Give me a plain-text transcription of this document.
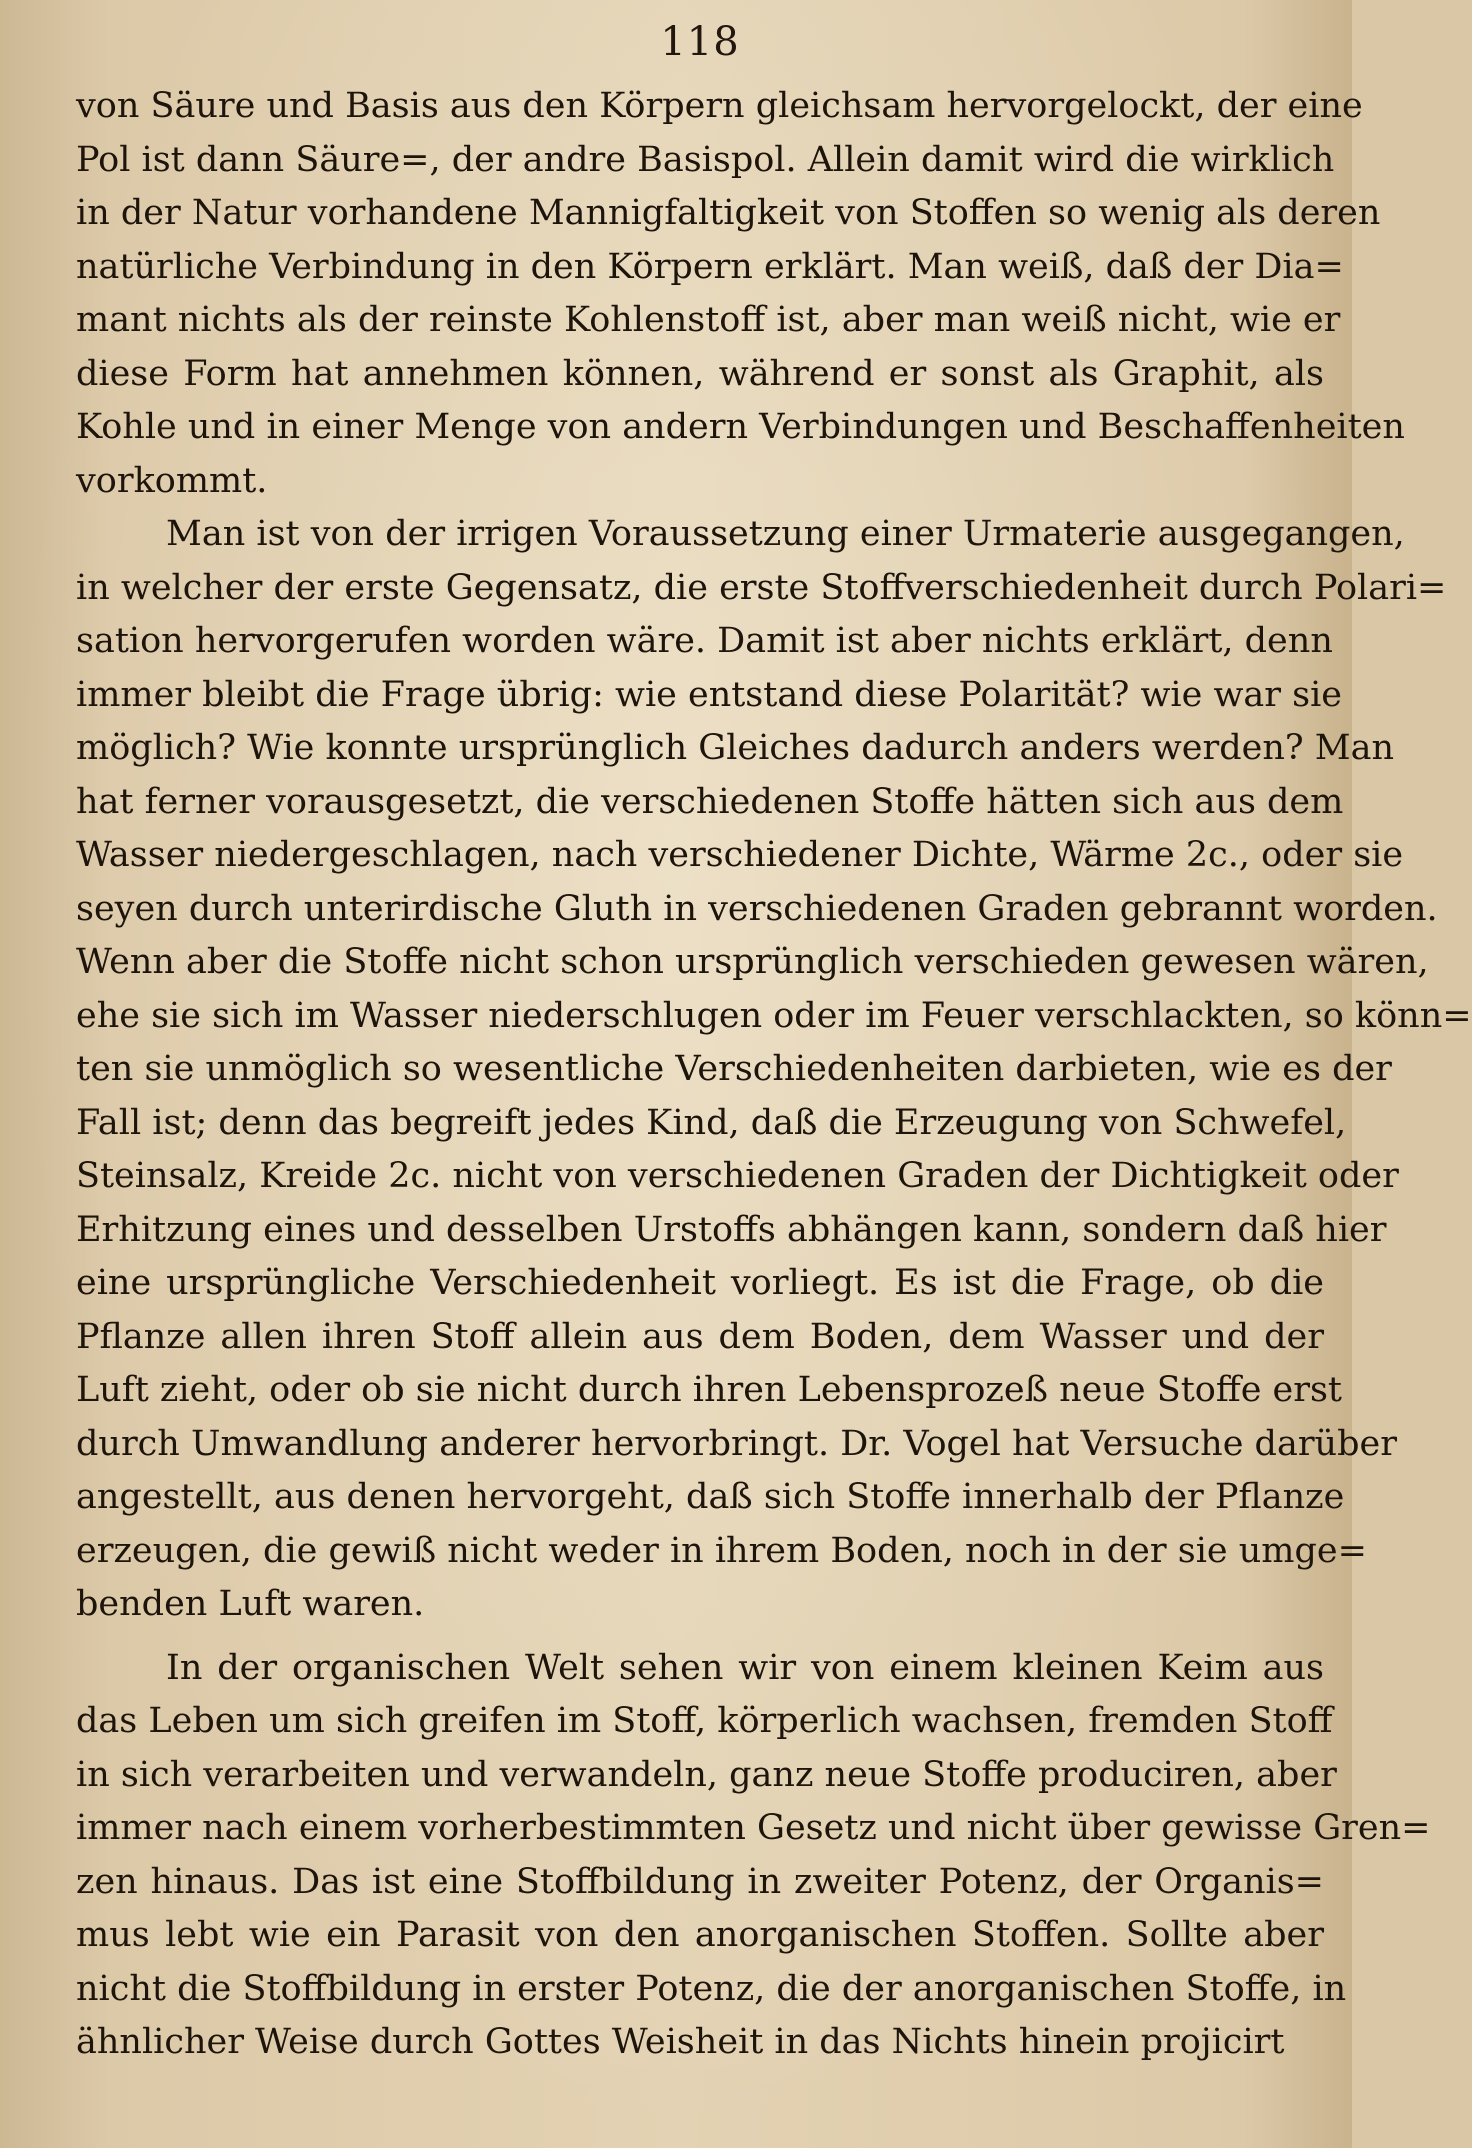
118
von Säure und Basis aus den Körpern gleichsam hervorgelockt, der eine
Pol ist dann Säure=, der andre Basispol. Allein damit wird die wirklich
in der Natur vorhandene Mannigfaltigkeit von Stoffen so wenig als deren
natürliche Verbindung in den Körpern erklärt. Man weiß, daß der Dia=
mant nichts als der reinste Kohlenstoff ist, aber man weiß nicht, wie er
diese Form hat annehmen können, während er sonst als Graphit, als
Kohle und in einer Menge von andern Verbindungen und Beschaffenheiten
vorkommt.
Man ist von der irrigen Voraussetzung einer Urmaterie ausgegangen,
in welcher der erste Gegensatz, die erste Stoffverschiedenheit durch Polari=
sation hervorgerufen worden wäre. Damit ist aber nichts erklärt, denn
immer bleibt die Frage übrig: wie entstand diese Polarität? wie war sie
möglich? Wie konnte ursprünglich Gleiches dadurch anders werden? Man
hat ferner vorausgesetzt, die verschiedenen Stoffe hätten sich aus dem
Wasser niedergeschlagen, nach verschiedener Dichte, Wärme 2c., oder sie
seyen durch unterirdische Gluth in verschiedenen Graden gebrannt worden.
Wenn aber die Stoffe nicht schon ursprünglich verschieden gewesen wären,
ehe sie sich im Wasser niederschlugen oder im Feuer verschlackten, so könn=
ten sie unmöglich so wesentliche Verschiedenheiten darbieten, wie es der
Fall ist; denn das begreift jedes Kind, daß die Erzeugung von Schwefel,
Steinsalz, Kreide 2c. nicht von verschiedenen Graden der Dichtigkeit oder
Erhitzung eines und desselben Urstoffs abhängen kann, sondern daß hier
eine ursprüngliche Verschiedenheit vorliegt. Es ist die Frage, ob die
Pflanze allen ihren Stoff allein aus dem Boden, dem Wasser und der
Luft zieht, oder ob sie nicht durch ihren Lebensprozeß neue Stoffe erst
durch Umwandlung anderer hervorbringt. Dr. Vogel hat Versuche darüber
angestellt, aus denen hervorgeht, daß sich Stoffe innerhalb der Pflanze
erzeugen, die gewiß nicht weder in ihrem Boden, noch in der sie umge=
benden Luft waren.
In der organischen Welt sehen wir von einem kleinen Keim aus
das Leben um sich greifen im Stoff, körperlich wachsen, fremden Stoff
in sich verarbeiten und verwandeln, ganz neue Stoffe produciren, aber
immer nach einem vorherbestimmten Gesetz und nicht über gewisse Gren=
zen hinaus. Das ist eine Stoffbildung in zweiter Potenz, der Organis=
mus lebt wie ein Parasit von den anorganischen Stoffen. Sollte aber
nicht die Stoffbildung in erster Potenz, die der anorganischen Stoffe, in
ähnlicher Weise durch Gottes Weisheit in das Nichts hinein projicirt
